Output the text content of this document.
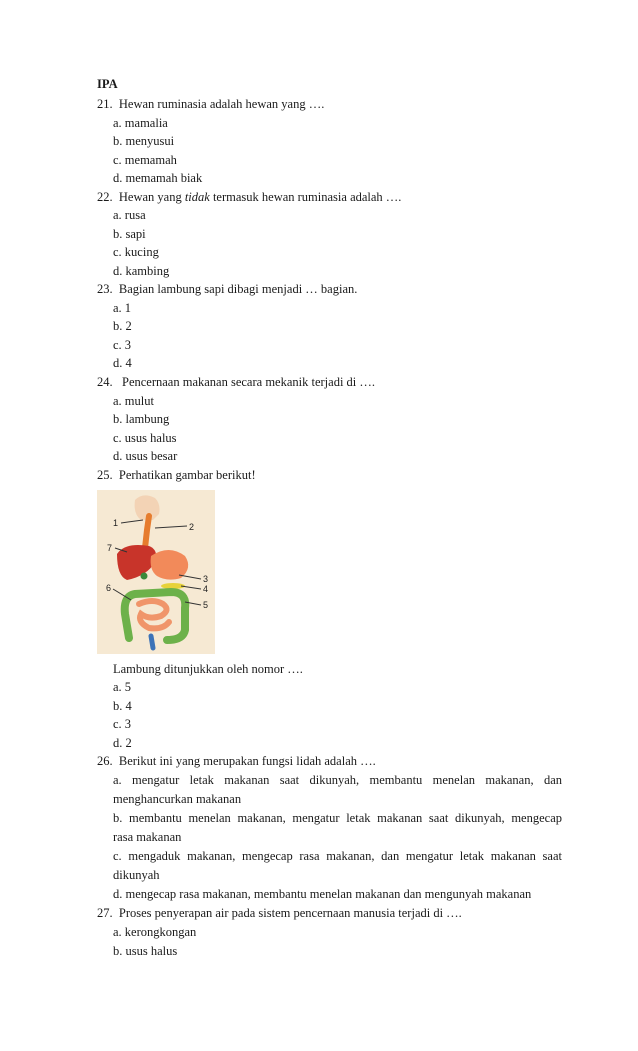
IPA
21. Hewan ruminasia adalah hewan yang ….
a. mamalia
b. menyusui
c. memamah
d. memamah biak
22. Hewan yang tidak termasuk hewan ruminasia adalah ….
a. rusa
b. sapi
c. kucing
d. kambing
23. Bagian lambung sapi dibagi menjadi … bagian.
a. 1
b. 2
c. 3
d. 4
24. Pencernaan makanan secara mekanik terjadi di ….
a. mulut
b. lambung
c. usus halus
d. usus besar
25. Perhatikan gambar berikut!
1	2
3
4
5
6
7
Lambung ditunjukkan oleh nomor ….
a. 5
b. 4
c. 3
d. 2
26. Berikut ini yang merupakan fungsi lidah adalah ….
a. mengatur letak makanan saat dikunyah, membantu menelan makanan, dan
menghancurkan makanan
b. membantu menelan makanan, mengatur letak makanan saat dikunyah, mengecap
rasa makanan
c. mengaduk makanan, mengecap rasa makanan, dan mengatur letak makanan saat
dikunyah
d. mengecap rasa makanan, membantu menelan makanan dan mengunyah makanan
27. Proses penyerapan air pada sistem pencernaan manusia terjadi di ….
a. kerongkongan
b. usus halus
